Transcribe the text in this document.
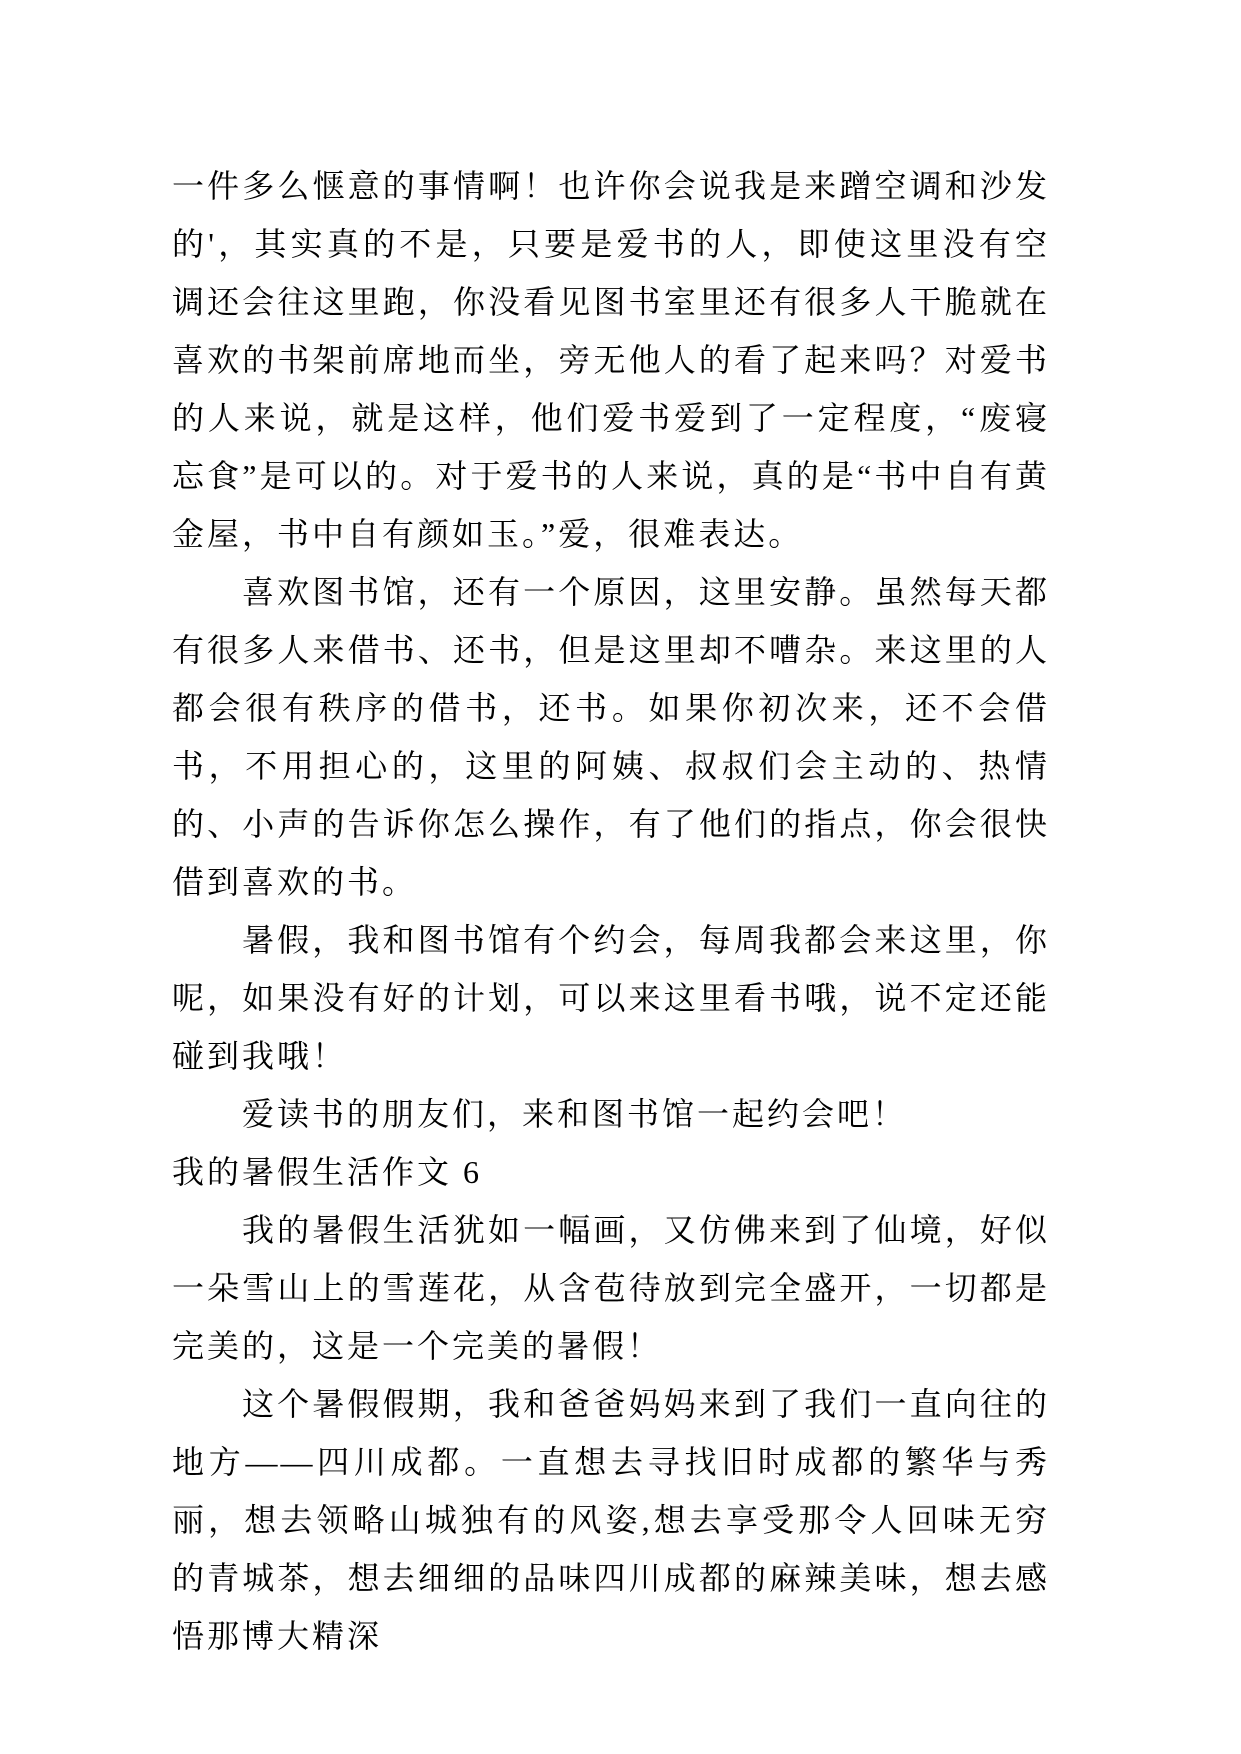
一件多么惬意的事情啊！也许你会说我是来蹭空调和沙发的'，其实真的不是，只要是爱书的人，即使这里没有空调还会往这里跑，你没看见图书室里还有很多人干脆就在喜欢的书架前席地而坐，旁无他人的看了起来吗？对爱书的人来说，就是这样，他们爱书爱到了一定程度，“废寝忘食”是可以的。对于爱书的人来说，真的是“书中自有黄金屋，书中自有颜如玉。”爱，很难表达。

喜欢图书馆，还有一个原因，这里安静。虽然每天都有很多人来借书、还书，但是这里却不嘈杂。来这里的人都会很有秩序的借书，还书。如果你初次来，还不会借书，不用担心的，这里的阿姨、叔叔们会主动的、热情的、小声的告诉你怎么操作，有了他们的指点，你会很快借到喜欢的书。

暑假，我和图书馆有个约会，每周我都会来这里，你呢，如果没有好的计划，可以来这里看书哦，说不定还能碰到我哦！

爱读书的朋友们，来和图书馆一起约会吧！

我的暑假生活作文 6

我的暑假生活犹如一幅画，又仿佛来到了仙境，好似一朵雪山上的雪莲花，从含苞待放到完全盛开，一切都是完美的，这是一个完美的暑假！

这个暑假假期，我和爸爸妈妈来到了我们一直向往的地方——四川成都。一直想去寻找旧时成都的繁华与秀丽，想去领略山城独有的风姿,想去享受那令人回味无穷的青城茶，想去细细的品味四川成都的麻辣美味，想去感悟那博大精深
